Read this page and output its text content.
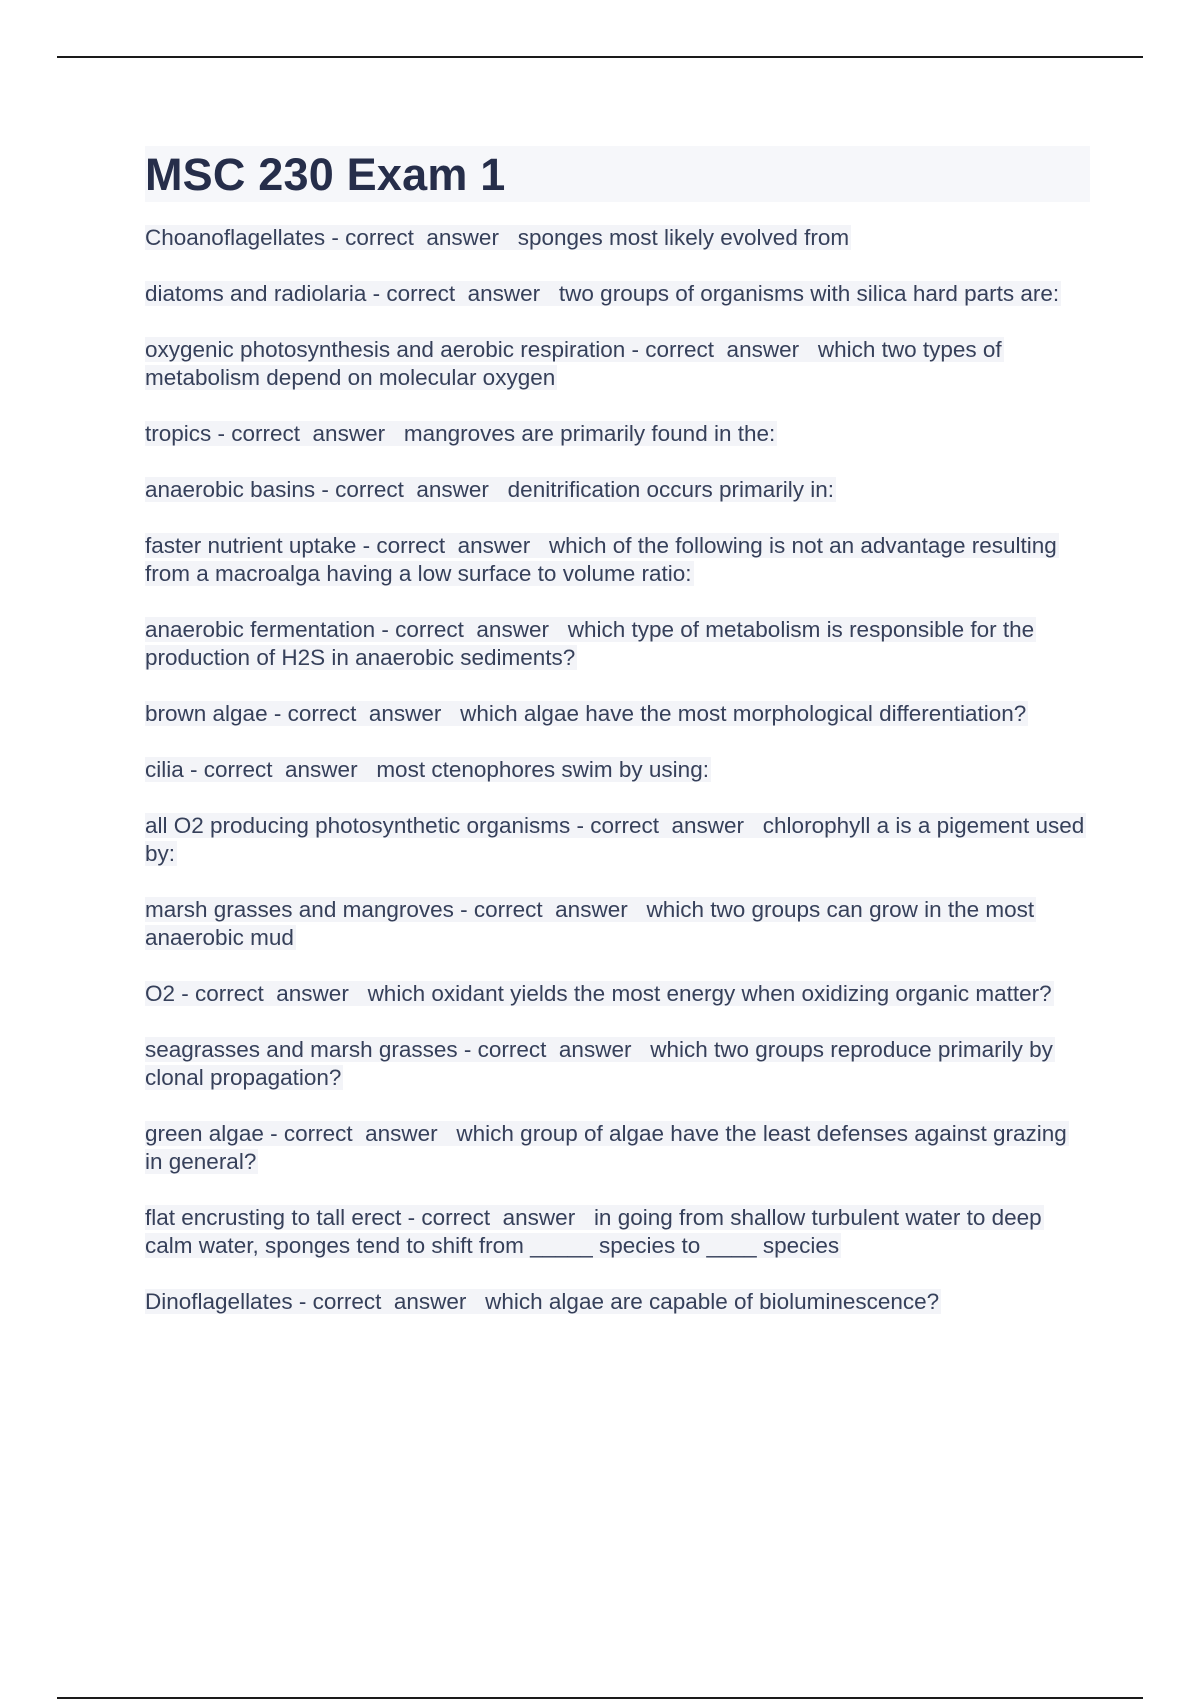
MSC 230 Exam 1
Choanoflagellates - correct  answer   sponges most likely evolved from
diatoms and radiolaria - correct  answer   two groups of organisms with silica hard parts are:
oxygenic photosynthesis and aerobic respiration - correct  answer   which two types of metabolism depend on molecular oxygen
tropics - correct  answer   mangroves are primarily found in the:
anaerobic basins - correct  answer   denitrification occurs primarily in:
faster nutrient uptake - correct  answer   which of the following is not an advantage resulting from a macroalga having a low surface to volume ratio:
anaerobic fermentation - correct  answer   which type of metabolism is responsible for the production of H2S in anaerobic sediments?
brown algae - correct  answer   which algae have the most morphological differentiation?
cilia - correct  answer   most ctenophores swim by using:
all O2 producing photosynthetic organisms - correct  answer   chlorophyll a is a pigement used by:
marsh grasses and mangroves - correct  answer   which two groups can grow in the most anaerobic mud
O2 - correct  answer   which oxidant yields the most energy when oxidizing organic matter?
seagrasses and marsh grasses - correct  answer   which two groups reproduce primarily by clonal propagation?
green algae - correct  answer   which group of algae have the least defenses against grazing in general?
flat encrusting to tall erect - correct  answer   in going from shallow turbulent water to deep calm water, sponges tend to shift from _____ species to ____ species
Dinoflagellates - correct  answer   which algae are capable of bioluminescence?
